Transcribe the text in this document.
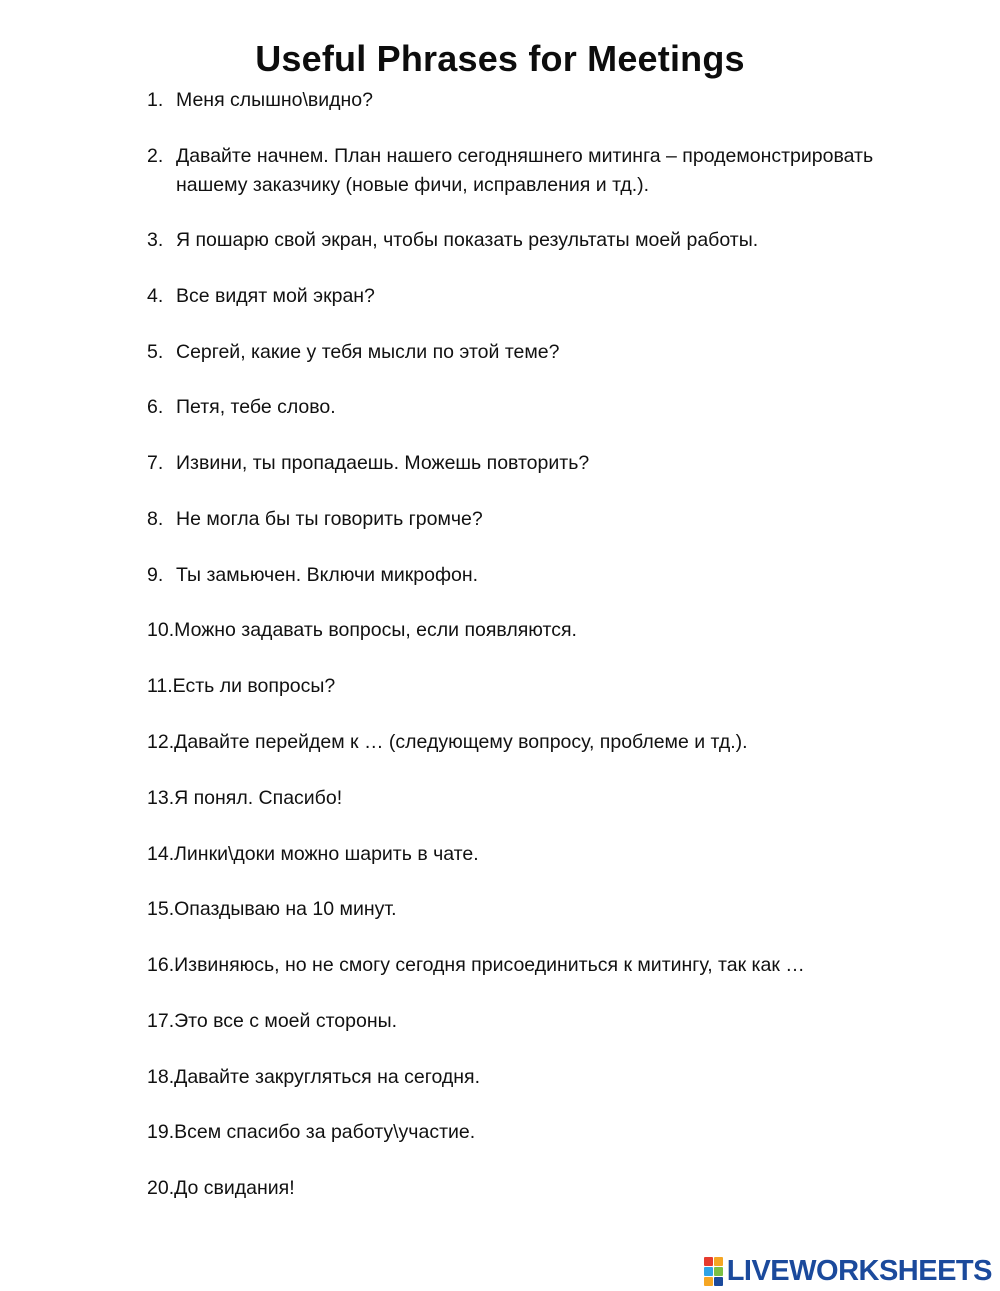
Useful Phrases for Meetings
1. Меня слышно\видно?
2. Давайте начнем. План нашего сегодняшнего митинга – продемонстрировать
нашему заказчику (новые фичи, исправления и тд.).
3. Я пошарю свой экран, чтобы показать результаты моей работы.
4. Все видят мой экран?
5. Сергей, какие у тебя мысли по этой теме?
6. Петя, тебе слово.
7. Извини, ты пропадаешь. Можешь повторить?
8. Не могла бы ты говорить громче?
9. Ты замьючен. Включи микрофон.
10.Можно задавать вопросы, если появляются.
11.Есть ли вопросы?
12.Давайте перейдем к … (следующему вопросу, проблеме и тд.).
13.Я понял. Спасибо!
14.Линки\доки можно шарить в чате.
15.Опаздываю на 10 минут.
16.Извиняюсь, но не смогу сегодня присоединиться к митингу, так как …
17.Это все с моей стороны.
18.Давайте закругляться на сегодня.
19.Всем спасибо за работу\участие.
20.До свидания!
LIVEWORKSHEETS
